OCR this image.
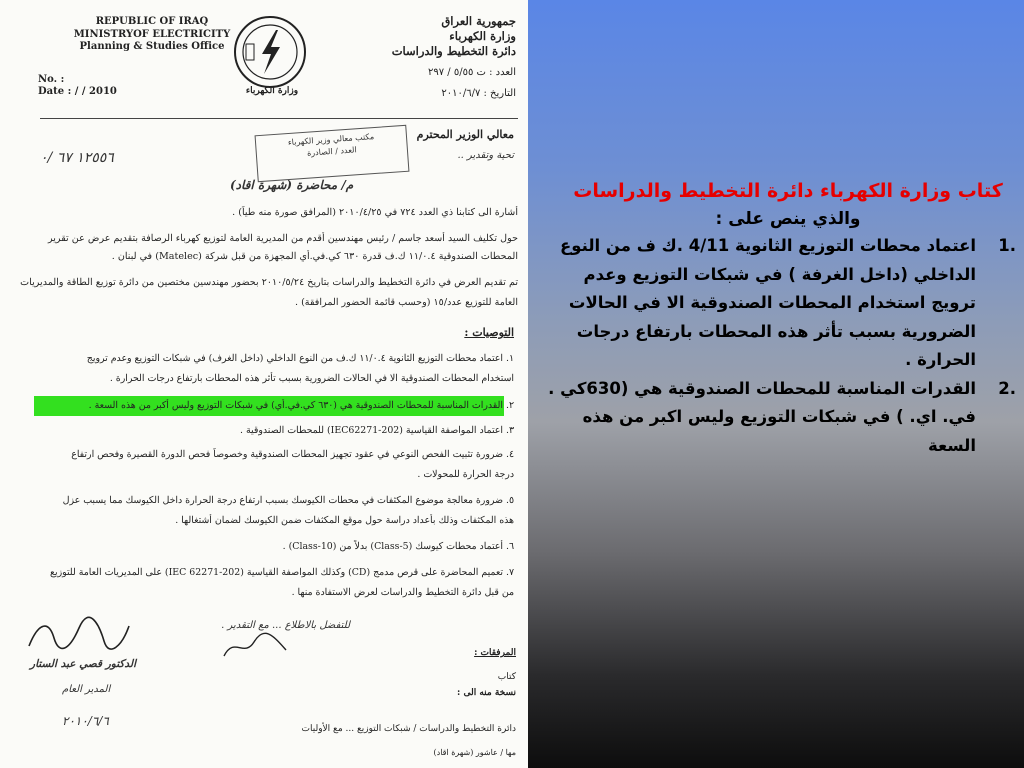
REPUBLIC OF IRAQ
MINISTRYOF ELECTRICITY
Planning & Studies Office
No. :
Date : / / 2010	وزارة الكهرباء
جمهورية العراق
وزارة الكهرباء
دائرة التخطيط والدراسات
العدد : ت ٥/٥٥ / ٢٩٧
التاريخ : ٢٠١٠/٦/٧
معالي الوزير المحترم
مكتب معالي وزير الكهرباء
العدد / الصادرة	تحية وتقدير ..
١٢٥٥٦ ٦٧ /٠
م/ محاضرة (شهرة اقاد)
أشارة الى كتابنا ذي العدد ٧٢٤ في ٢٠١٠/٤/٢٥ (المرافق صورة منه طياً) .
حول تكليف السيد أسعد جاسم / رئيس مهندسين أقدم من المديرية العامة لتوزيع كهرباء الرصافة بتقديم عرض عن تقرير
المحطات الصندوقية ١١/٠.٤ ك.ف قدرة ٦٣٠ كي.في.أي المجهزة من قبل شركة (Matelec) في لبنان .
تم تقديم العرض في دائرة التخطيط والدراسات بتاريخ ٢٠١٠/٥/٢٤ بحضور مهندسين مختصين من دائرة توزيع الطاقة والمديريات
العامة للتوزيع عدد/١٥ (وحسب قائمة الحضور المرافقة) .
التوصيات :
١. اعتماد محطات التوزيع الثانوية ١١/٠.٤ ك.ف من النوع الداخلي (داخل الغرف) في شبكات التوزيع وعدم ترويج
استخدام المحطات الصندوقية الا في الحالات الضرورية بسبب تأثر هذه المحطات بارتفاع درجات الحرارة .
٢. القدرات المناسبة للمحطات الصندوقية هي (٦٣٠ كي.في.أي) في شبكات التوزيع وليس أكبر من هذه السعة .
٣. اعتماد المواصفة القياسية (IEC62271-202) للمحطات الصندوقية .
٤. ضرورة تثبيت الفحص النوعي في عقود تجهيز المحطات الصندوقية وخصوصاً فحص الدورة القصيرة وفحص ارتفاع
درجة الحرارة للمحولات .
٥. ضرورة معالجة موضوع المكثفات في محطات الكيوسك بسبب ارتفاع درجة الحرارة داخل الكيوسك مما يسبب عزل
هذه المكثفات وذلك بأعداد دراسة حول موقع المكثفات ضمن الكيوسك لضمان أشتغالها .
٦. أعتماد محطات كيوسك (Class-5) بدلاً من (Class-10) .
٧. تعميم المحاضرة على قرص مدمج (CD) وكذلك المواصفة القياسية (IEC 62271-202) على المديريات العامة للتوزيع
من قبل دائرة التخطيط والدراسات لعرض الاستفادة منها .
للتفضل بالاطلاع ... مع التقدير .
الدكتور قصي عبد الستار
المدير العام
٢٠١٠/٦/٦
المرفقات :
كتاب
نسخة منه الى :
دائرة التخطيط والدراسات / شبكات التوزيع ... مع الأوليات
مها / عاشور (شهرة اقاد)
كتاب وزارة الكهرباء دائرة التخطيط والدراسات
والذي ينص على :
1.
اعتماد محطات التوزيع الثانوية 4/11 .ك ف من النوع الداخلي (داخل الغرفة ) في شبكات التوزيع وعدم ترويج استخدام المحطات الصندوقية الا في الحالات الضرورية بسبب تأثر هذه المحطات بارتفاع درجات الحرارة .
2.
القدرات المناسبة للمحطات الصندوقية هي (630كي . في. اي. ) في شبكات التوزيع وليس اكبر من هذه السعة
